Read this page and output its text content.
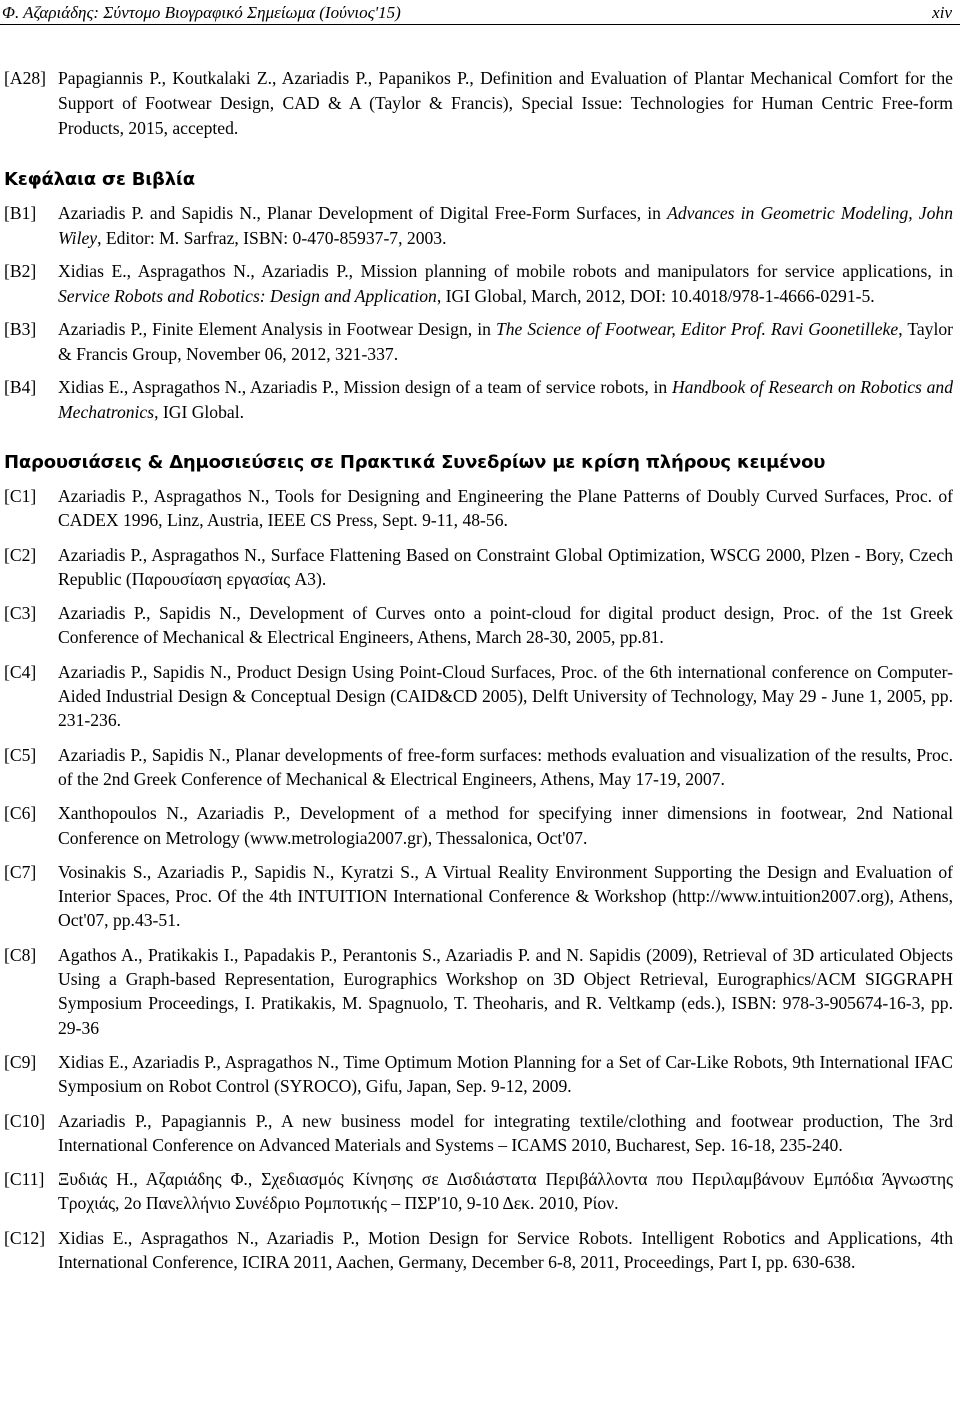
Φ. Αζαριάδης: Σύντομο Βιογραφικό Σημείωμα (Ιούνιος'15)	xiv
[A28] Papagiannis P., Koutkalaki Z., Azariadis P., Papanikos P., Definition and Evaluation of Plantar Mechanical Comfort for the Support of Footwear Design, CAD & A (Taylor & Francis), Special Issue: Technologies for Human Centric Free-form Products, 2015, accepted.
Κεφάλαια σε Βιβλία
[B1]	Azariadis P. and Sapidis N., Planar Development of Digital Free-Form Surfaces, in Advances in Geometric Modeling, John Wiley, Editor: M. Sarfraz, ISBN: 0-470-85937-7, 2003.
[B2]	Xidias E., Aspragathos N., Azariadis P., Mission planning of mobile robots and manipulators for service applications, in Service Robots and Robotics: Design and Application, IGI Global, March, 2012, DOI: 10.4018/978-1-4666-0291-5.
[B3]	Azariadis P., Finite Element Analysis in Footwear Design, in The Science of Footwear, Editor Prof. Ravi Goonetilleke, Taylor & Francis Group, November 06, 2012, 321-337.
[B4]	Xidias E., Aspragathos N., Azariadis P., Mission design of a team of service robots, in Handbook of Research on Robotics and Mechatronics, IGI Global.
Παρουσιάσεις & Δημοσιεύσεις σε Πρακτικά Συνεδρίων με κρίση πλήρους κειμένου
[C1]	Azariadis P., Aspragathos N., Tools for Designing and Engineering the Plane Patterns of Doubly Curved Surfaces, Proc. of CADEX 1996, Linz, Austria, IEEE CS Press, Sept. 9-11, 48-56.
[C2]	Azariadis P., Aspragathos N., Surface Flattening Based on Constraint Global Optimization, WSCG 2000, Plzen - Bory, Czech Republic (Παρουσίαση εργασίας A3).
[C3]	Azariadis P., Sapidis N., Development of Curves onto a point-cloud for digital product design, Proc. of the 1st Greek Conference of Mechanical & Electrical Engineers, Athens, March 28-30, 2005, pp.81.
[C4]	Azariadis P., Sapidis N., Product Design Using Point-Cloud Surfaces, Proc. of the 6th international conference on Computer-Aided Industrial Design & Conceptual Design (CAID&CD 2005), Delft University of Technology, May 29 - June 1, 2005, pp. 231-236.
[C5]	Azariadis P., Sapidis N., Planar developments of free-form surfaces: methods evaluation and visualization of the results, Proc. of the 2nd Greek Conference of Mechanical & Electrical Engineers, Athens, May 17-19, 2007.
[C6]	Xanthopoulos N., Azariadis P., Development of a method for specifying inner dimensions in footwear, 2nd National Conference on Metrology (www.metrologia2007.gr), Thessalonica, Oct'07.
[C7]	Vosinakis S., Azariadis P., Sapidis N., Kyratzi S., A Virtual Reality Environment Supporting the Design and Evaluation of Interior Spaces, Proc. Of the 4th INTUITION International Conference & Workshop (http://www.intuition2007.org), Athens, Oct'07, pp.43-51.
[C8]	Agathos A., Pratikakis I., Papadakis P., Perantonis S., Azariadis P. and N. Sapidis (2009), Retrieval of 3D articulated Objects Using a Graph-based Representation, Eurographics Workshop on 3D Object Retrieval, Eurographics/ACM SIGGRAPH Symposium Proceedings, I. Pratikakis, M. Spagnuolo, T. Theoharis, and R. Veltkamp (eds.), ISBN: 978-3-905674-16-3, pp. 29-36
[C9]	Xidias E., Azariadis P., Aspragathos N., Time Optimum Motion Planning for a Set of Car-Like Robots, 9th International IFAC Symposium on Robot Control (SYROCO), Gifu, Japan, Sep. 9-12, 2009.
[C10] Azariadis P., Papagiannis P., A new business model for integrating textile/clothing and footwear production, The 3rd International Conference on Advanced Materials and Systems – ICAMS 2010, Bucharest, Sep. 16-18, 235-240.
[C11] Ξυδιάς Η., Αζαριάδης Φ., Σχεδιασμός Κίνησης σε Δισδιάστατα Περιβάλλοντα που Περιλαμβάνουν Εμπόδια Άγνωστης Τροχιάς, 2ο Πανελλήνιο Συνέδριο Ρομποτικής – ΠΣΡ'10, 9-10 Δεκ. 2010, Ρίον.
[C12] Xidias E., Aspragathos N., Azariadis P., Motion Design for Service Robots. Intelligent Robotics and Applications, 4th International Conference, ICIRA 2011, Aachen, Germany, December 6-8, 2011, Proceedings, Part I, pp. 630-638.
